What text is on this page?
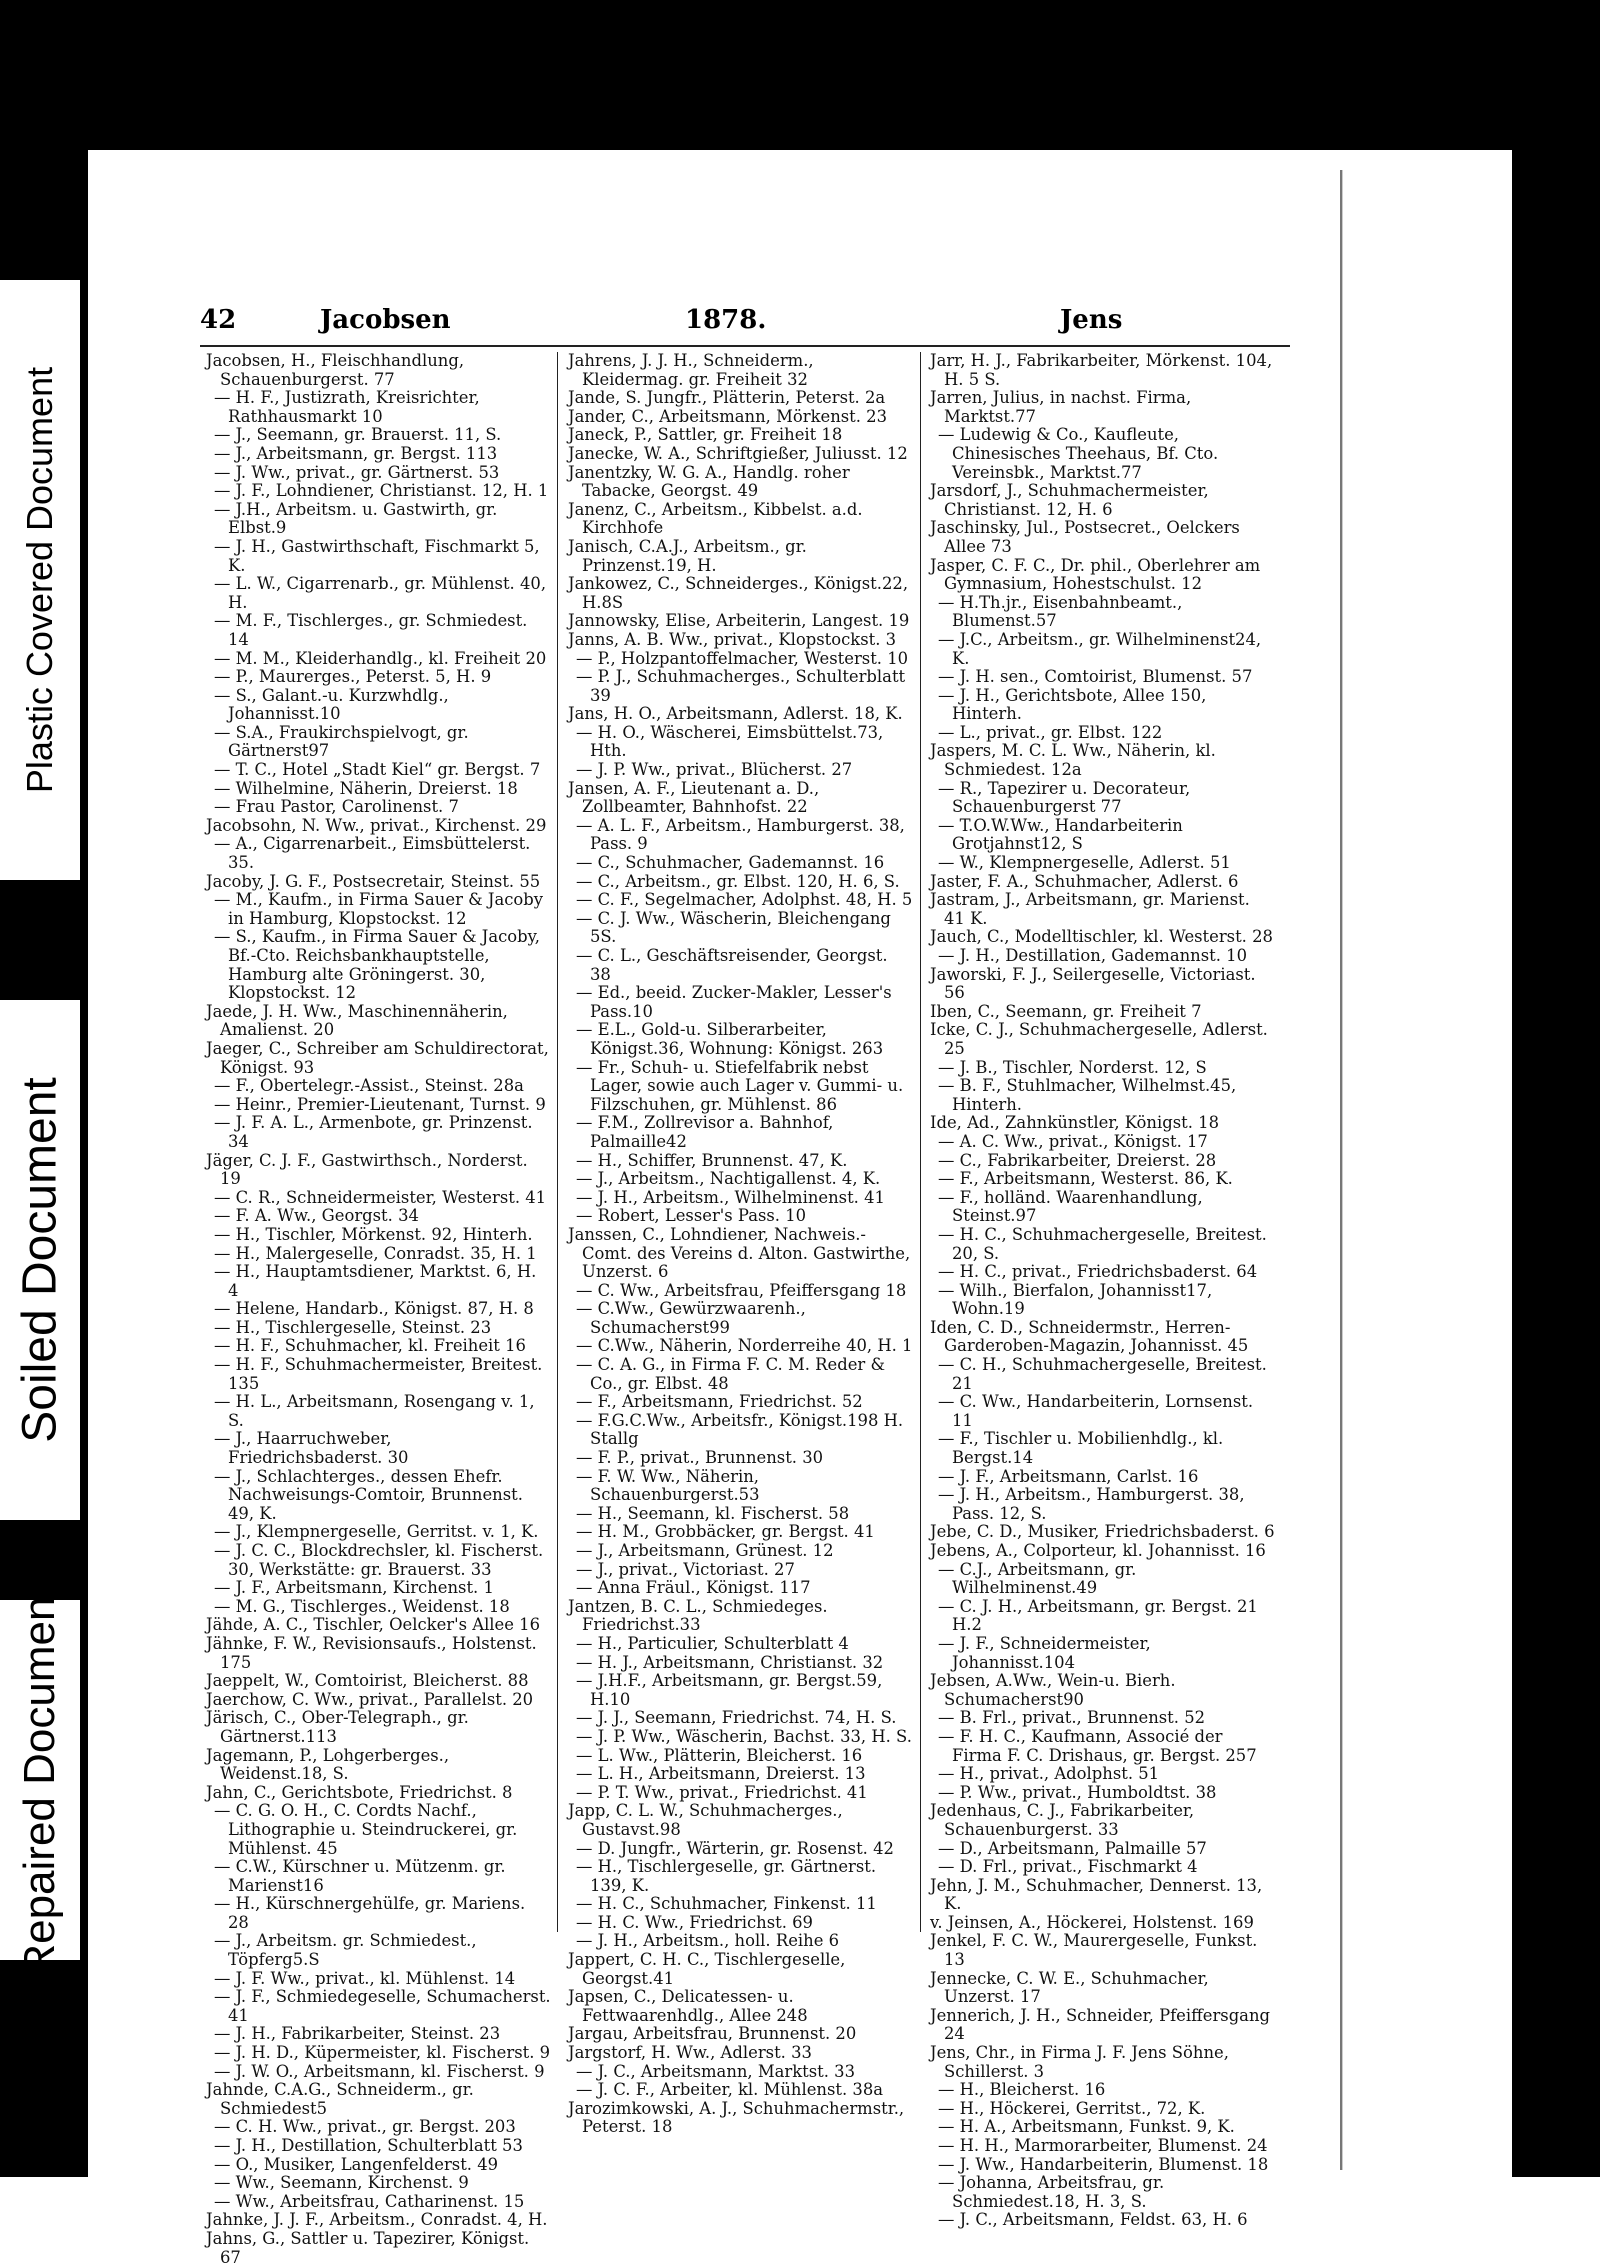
Plastic Covered Document
Soiled Document
Repaired Document
42	Jacobsen	1878.	Jens

Jacobsen, H., Fleischhandlung, Schauenburgerst. 77

— H. F., Justizrath, Kreisrichter, Rathhausmarkt 10

— J., Seemann, gr. Brauerst. 11, S.

— J., Arbeitsmann, gr. Bergst. 113

— J. Ww., privat., gr. Gärtnerst. 53

— J. F., Lohndiener, Christianst. 12, H. 1

— J.H., Arbeitsm. u. Gastwirth, gr. Elbst.9

— J. H., Gastwirthschaft, Fischmarkt 5, K.

— L. W., Cigarrenarb., gr. Mühlenst. 40, H.

— M. F., Tischlerges., gr. Schmiedest. 14

— M. M., Kleiderhandlg., kl. Freiheit 20

— P., Maurerges., Peterst. 5, H. 9

— S., Galant.-u. Kurzwhdlg., Johannisst.10

— S.A., Fraukirchspielvogt, gr. Gärtnerst97

— T. C., Hotel „Stadt Kiel“ gr. Bergst. 7

— Wilhelmine, Näherin, Dreierst. 18

— Frau Pastor, Carolinenst. 7

Jacobsohn, N. Ww., privat., Kirchenst. 29

— A., Cigarrenarbeit., Eimsbüttelerst. 35.

Jacoby, J. G. F., Postsecretair, Steinst. 55

— M., Kaufm., in Firma Sauer & Jacoby in Hamburg, Klopstockst. 12

— S., Kaufm., in Firma Sauer & Jacoby, Bf.-Cto. Reichsbankhauptstelle, Hamburg alte Gröningerst. 30, Klopstockst. 12

Jaede, J. H. Ww., Maschinennäherin, Amalienst. 20

Jaeger, C., Schreiber am Schuldirectorat, Königst. 93

— F., Obertelegr.-Assist., Steinst. 28a

— Heinr., Premier-Lieutenant, Turnst. 9

— J. F. A. L., Armenbote, gr. Prinzenst. 34

Jäger, C. J. F., Gastwirthsch., Norderst. 19

— C. R., Schneidermeister, Westerst. 41

— F. A. Ww., Georgst. 34

— H., Tischler, Mörkenst. 92, Hinterh.

— H., Malergeselle, Conradst. 35, H. 1

— H., Hauptamtsdiener, Marktst. 6, H. 4

— Helene, Handarb., Königst. 87, H. 8

— H., Tischlergeselle, Steinst. 23

— H. F., Schuhmacher, kl. Freiheit 16

— H. F., Schuhmachermeister, Breitest. 135

— H. L., Arbeitsmann, Rosengang v. 1, S.

— J., Haarruchweber, Friedrichsbaderst. 30

— J., Schlachterges., dessen Ehefr. Nachweisungs-Comtoir, Brunnenst. 49, K.

— J., Klempnergeselle, Gerritst. v. 1, K.

— J. C. C., Blockdrechsler, kl. Fischerst. 30, Werkstätte: gr. Brauerst. 33

— J. F., Arbeitsmann, Kirchenst. 1

— M. G., Tischlerges., Weidenst. 18

Jähde, A. C., Tischler, Oelcker's Allee 16

Jähnke, F. W., Revisionsaufs., Holstenst. 175

Jaeppelt, W., Comtoirist, Bleicherst. 88

Jaerchow, C. Ww., privat., Parallelst. 20

Järisch, C., Ober-Telegraph., gr. Gärtnerst.113

Jagemann, P., Lohgerberges., Weidenst.18, S.

Jahn, C., Gerichtsbote, Friedrichst. 8

— C. G. O. H., C. Cordts Nachf., Lithographie u. Steindruckerei, gr. Mühlenst. 45

— C.W., Kürschner u. Mützenm. gr. Marienst16

— H., Kürschnergehülfe, gr. Mariens. 28

— J., Arbeitsm. gr. Schmiedest., Töpferg5.S

— J. F. Ww., privat., kl. Mühlenst. 14

— J. F., Schmiedegeselle, Schumacherst. 41

— J. H., Fabrikarbeiter, Steinst. 23

— J. H. D., Küpermeister, kl. Fischerst. 9

— J. W. O., Arbeitsmann, kl. Fischerst. 9

Jahnde, C.A.G., Schneiderm., gr. Schmiedest5

— C. H. Ww., privat., gr. Bergst. 203

— J. H., Destillation, Schulterblatt 53

— O., Musiker, Langenfelderst. 49

— Ww., Seemann, Kirchenst. 9

— Ww., Arbeitsfrau, Catharinenst. 15

Jahnke, J. J. F., Arbeitsm., Conradst. 4, H.

Jahns, G., Sattler u. Tapezirer, Königst. 67

Jahrens, J. J. H., Schneiderm., Kleidermag. gr. Freiheit 32

Jande, S. Jungfr., Plätterin, Peterst. 2a

Jander, C., Arbeitsmann, Mörkenst. 23

Janeck, P., Sattler, gr. Freiheit 18

Janecke, W. A., Schriftgießer, Juliusst. 12

Janentzky, W. G. A., Handlg. roher Tabacke, Georgst. 49

Janenz, C., Arbeitsm., Kibbelst. a.d. Kirchhofe

Janisch, C.A.J., Arbeitsm., gr. Prinzenst.19, H.

Jankowez, C., Schneiderges., Königst.22, H.8S

Jannowsky, Elise, Arbeiterin, Langest. 19

Janns, A. B. Ww., privat., Klopstockst. 3

— P., Holzpantoffelmacher, Westerst. 10

— P. J., Schuhmacherges., Schulterblatt 39

Jans, H. O., Arbeitsmann, Adlerst. 18, K.

— H. O., Wäscherei, Eimsbüttelst.73, Hth.

— J. P. Ww., privat., Blücherst. 27

Jansen, A. F., Lieutenant a. D., Zollbeamter, Bahnhofst. 22

— A. L. F., Arbeitsm., Hamburgerst. 38, Pass. 9

— C., Schuhmacher, Gademannst. 16

— C., Arbeitsm., gr. Elbst. 120, H. 6, S.

— C. F., Segelmacher, Adolphst. 48, H. 5

— C. J. Ww., Wäscherin, Bleichengang 5S.

— C. L., Geschäftsreisender, Georgst. 38

— Ed., beeid. Zucker-Makler, Lesser's Pass.10

— E.L., Gold-u. Silberarbeiter, Königst.36, Wohnung: Königst. 263

— Fr., Schuh- u. Stiefelfabrik nebst Lager, sowie auch Lager v. Gummi- u. Filzschuhen, gr. Mühlenst. 86

— F.M., Zollrevisor a. Bahnhof, Palmaille42

— H., Schiffer, Brunnenst. 47, K.

— J., Arbeitsm., Nachtigallenst. 4, K.

— J. H., Arbeitsm., Wilhelminenst. 41

— Robert, Lesser's Pass. 10

Janssen, C., Lohndiener, Nachweis.-Comt. des Vereins d. Alton. Gastwirthe, Unzerst. 6

— C. Ww., Arbeitsfrau, Pfeiffersgang 18

— C.Ww., Gewürzwaarenh., Schumacherst99

— C.Ww., Näherin, Norderreihe 40, H. 1

— C. A. G., in Firma F. C. M. Reder & Co., gr. Elbst. 48

— F., Arbeitsmann, Friedrichst. 52

— F.G.C.Ww., Arbeitsfr., Königst.198 H. Stallg

— F. P., privat., Brunnenst. 30

— F. W. Ww., Näherin, Schauenburgerst.53

— H., Seemann, kl. Fischerst. 58

— H. M., Grobbäcker, gr. Bergst. 41

— J., Arbeitsmann, Grünest. 12

— J., privat., Victoriast. 27

— Anna Fräul., Königst. 117

Jantzen, B. C. L., Schmiedeges. Friedrichst.33

— H., Particulier, Schulterblatt 4

— H. J., Arbeitsmann, Christianst. 32

— J.H.F., Arbeitsmann, gr. Bergst.59, H.10

— J. J., Seemann, Friedrichst. 74, H. S.

— J. P. Ww., Wäscherin, Bachst. 33, H. S.

— L. Ww., Plätterin, Bleicherst. 16

— L. H., Arbeitsmann, Dreierst. 13

— P. T. Ww., privat., Friedrichst. 41

Japp, C. L. W., Schuhmacherges., Gustavst.98

— D. Jungfr., Wärterin, gr. Rosenst. 42

— H., Tischlergeselle, gr. Gärtnerst. 139, K.

— H. C., Schuhmacher, Finkenst. 11

— H. C. Ww., Friedrichst. 69

— J. H., Arbeitsm., holl. Reihe 6

Jappert, C. H. C., Tischlergeselle, Georgst.41

Japsen, C., Delicatessen- u. Fettwaarenhdlg., Allee 248

Jargau, Arbeitsfrau, Brunnenst. 20

Jargstorf, H. Ww., Adlerst. 33

— J. C., Arbeitsmann, Marktst. 33

— J. C. F., Arbeiter, kl. Mühlenst. 38a

Jarozimkowski, A. J., Schuhmachermstr., Peterst. 18

Jarr, H. J., Fabrikarbeiter, Mörkenst. 104, H. 5 S.

Jarren, Julius, in nachst. Firma, Marktst.77

— Ludewig & Co., Kaufleute, Chinesisches Theehaus, Bf. Cto. Vereinsbk., Marktst.77

Jarsdorf, J., Schuhmachermeister, Christianst. 12, H. 6

Jaschinsky, Jul., Postsecret., Oelckers Allee 73

Jasper, C. F. C., Dr. phil., Oberlehrer am Gymnasium, Hohestschulst. 12

— H.Th.jr., Eisenbahnbeamt., Blumenst.57

— J.C., Arbeitsm., gr. Wilhelminenst24, K.

— J. H. sen., Comtoirist, Blumenst. 57

— J. H., Gerichtsbote, Allee 150, Hinterh.

— L., privat., gr. Elbst. 122

Jaspers, M. C. L. Ww., Näherin, kl. Schmiedest. 12a

— R., Tapezirer u. Decorateur, Schauenburgerst 77

— T.O.W.Ww., Handarbeiterin Grotjahnst12, S

— W., Klempnergeselle, Adlerst. 51

Jaster, F. A., Schuhmacher, Adlerst. 6

Jastram, J., Arbeitsmann, gr. Marienst. 41 K.

Jauch, C., Modelltischler, kl. Westerst. 28

— J. H., Destillation, Gademannst. 10

Jaworski, F. J., Seilergeselle, Victoriast. 56

Iben, C., Seemann, gr. Freiheit 7

Icke, C. J., Schuhmachergeselle, Adlerst. 25

— J. B., Tischler, Norderst. 12, S

— B. F., Stuhlmacher, Wilhelmst.45, Hinterh.

Ide, Ad., Zahnkünstler, Königst. 18

— A. C. Ww., privat., Königst. 17

— C., Fabrikarbeiter, Dreierst. 28

— F., Arbeitsmann, Westerst. 86, K.

— F., holländ. Waarenhandlung, Steinst.97

— H. C., Schuhmachergeselle, Breitest. 20, S.

— H. C., privat., Friedrichsbaderst. 64

— Wilh., Bierfalon, Johannisst17, Wohn.19

Iden, C. D., Schneidermstr., Herren-Garderoben-Magazin, Johannisst. 45

— C. H., Schuhmachergeselle, Breitest. 21

— C. Ww., Handarbeiterin, Lornsenst. 11

— F., Tischler u. Mobilienhdlg., kl. Bergst.14

— J. F., Arbeitsmann, Carlst. 16

— J. H., Arbeitsm., Hamburgerst. 38, Pass. 12, S.

Jebe, C. D., Musiker, Friedrichsbaderst. 6

Jebens, A., Colporteur, kl. Johannisst. 16

— C.J., Arbeitsmann, gr. Wilhelminenst.49

— C. J. H., Arbeitsmann, gr. Bergst. 21 H.2

— J. F., Schneidermeister, Johannisst.104

Jebsen, A.Ww., Wein-u. Bierh. Schumacherst90

— B. Frl., privat., Brunnenst. 52

— F. H. C., Kaufmann, Associé der Firma F. C. Drishaus, gr. Bergst. 257

— H., privat., Adolphst. 51

— P. Ww., privat., Humboldtst. 38

Jedenhaus, C. J., Fabrikarbeiter, Schauenburgerst. 33

— D., Arbeitsmann, Palmaille 57

— D. Frl., privat., Fischmarkt 4

Jehn, J. M., Schuhmacher, Dennerst. 13, K.

v. Jeinsen, A., Höckerei, Holstenst. 169

Jenkel, F. C. W., Maurergeselle, Funkst. 13

Jennecke, C. W. E., Schuhmacher, Unzerst. 17

Jennerich, J. H., Schneider, Pfeiffersgang 24

Jens, Chr., in Firma J. F. Jens Söhne, Schillerst. 3

— H., Bleicherst. 16

— H., Höckerei, Gerritst., 72, K.

— H. A., Arbeitsmann, Funkst. 9, K.

— H. H., Marmorarbeiter, Blumenst. 24

— J. Ww., Handarbeiterin, Blumenst. 18

— Johanna, Arbeitsfrau, gr. Schmiedest.18, H. 3, S.

— J. C., Arbeitsmann, Feldst. 63, H. 6
